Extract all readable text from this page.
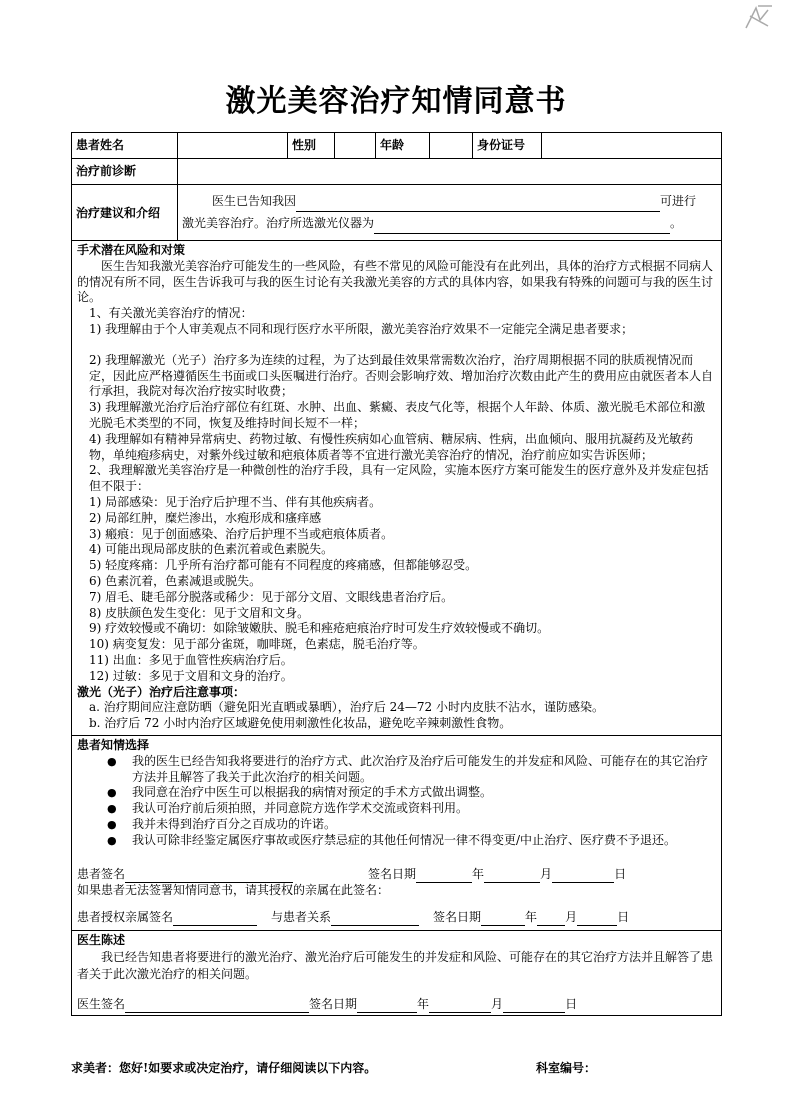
激光美容治疗知情同意书
患者姓名	性别	年龄	身份证号
治疗前诊断
治疗建议和介绍
医生已告知我因	可进行
激光美容治疗。治疗所选激光仪器为	。

手术潜在风险和对策

医生告知我激光美容治疗可能发生的一些风险，有些不常见的风险可能没有在此列出，具体的治疗方式根据不同病人的情况有所不同，医生告诉我可与我的医生讨论有关我激光美容的方式的具体内容，如果我有特殊的问题可与我的医生讨论。

1、有关激光美容治疗的情况：

1) 我理解由于个人审美观点不同和现行医疗水平所限，激光美容治疗效果不一定能完全满足患者要求；

2) 我理解激光（光子）治疗多为连续的过程，为了达到最佳效果常需数次治疗，治疗周期根据不同的肤质视情况而定，因此应严格遵循医生书面或口头医嘱进行治疗。否则会影响疗效、增加治疗次数由此产生的费用应由就医者本人自行承担，我院对每次治疗按实时收费；

3) 我理解激光治疗后治疗部位有红斑、水肿、出血、紫癜、表皮气化等，根据个人年龄、体质、激光脱毛术部位和激光脱毛术类型的不同，恢复及维持时间长短不一样；

4) 我理解如有精神异常病史、药物过敏、有慢性疾病如心血管病、糖尿病、性病，出血倾向、服用抗凝药及光敏药物，单纯疱疹病史，对紫外线过敏和疤痕体质者等不宜进行激光美容治疗的情况，治疗前应如实告诉医师；

2、我理解激光美容治疗是一种微创性的治疗手段，具有一定风险，实施本医疗方案可能发生的医疗意外及并发症包括但不限于：

1) 局部感染：见于治疗后护理不当、伴有其他疾病者。

2) 局部红肿，糜烂渗出，水疱形成和瘙痒感

3) 瘢痕：见于创面感染、治疗后护理不当或疤痕体质者。

4) 可能出现局部皮肤的色素沉着或色素脱失。

5) 轻度疼痛：几乎所有治疗都可能有不同程度的疼痛感，但都能够忍受。

6) 色素沉着，色素减退或脱失。

7) 眉毛、睫毛部分脱落或稀少：见于部分文眉、文眼线患者治疗后。

8) 皮肤颜色发生变化：见于文眉和文身。

9) 疗效较慢或不确切：如除皱嫩肤、脱毛和痤疮疤痕治疗时可发生疗效较慢或不确切。

10) 病变复发：见于部分雀斑，咖啡斑，色素痣，脱毛治疗等。

11) 出血：多见于血管性疾病治疗后。

12) 过敏：多见于文眉和文身的治疗。

激光（光子）治疗后注意事项：

a. 治疗期间应注意防晒（避免阳光直晒或暴晒），治疗后 24—72 小时内皮肤不沾水，谨防感染。

b. 治疗后 72 小时内治疗区域避免使用刺激性化妆品，避免吃辛辣刺激性食物。

患者知情选择

● 我的医生已经告知我将要进行的治疗方式、此次治疗及治疗后可能发生的并发症和风险、可能存在的其它治疗方法并且解答了我关于此次治疗的相关问题。

● 我同意在治疗中医生可以根据我的病情对预定的手术方式做出调整。

● 我认可治疗前后须拍照，并同意院方选作学术交流或资料刊用。

● 我并未得到治疗百分之百成功的许诺。

● 我认可除非经鉴定属医疗事故或医疗禁忌症的其他任何情况一律不得变更/中止治疗、医疗费不予退还。

患者签名	签名日期	年	月	日

如果患者无法签署知情同意书，请其授权的亲属在此签名：

患者授权亲属签名	与患者关系	签名日期	年 月	日

医生陈述

我已经告知患者将要进行的激光治疗、激光治疗后可能发生的并发症和风险、可能存在的其它治疗方法并且解答了患者关于此次激光治疗的相关问题。

医生签名	签名日期	年	月	日

求美者：您好!如要求或决定治疗，请仔细阅读以下内容。	科室编号：
